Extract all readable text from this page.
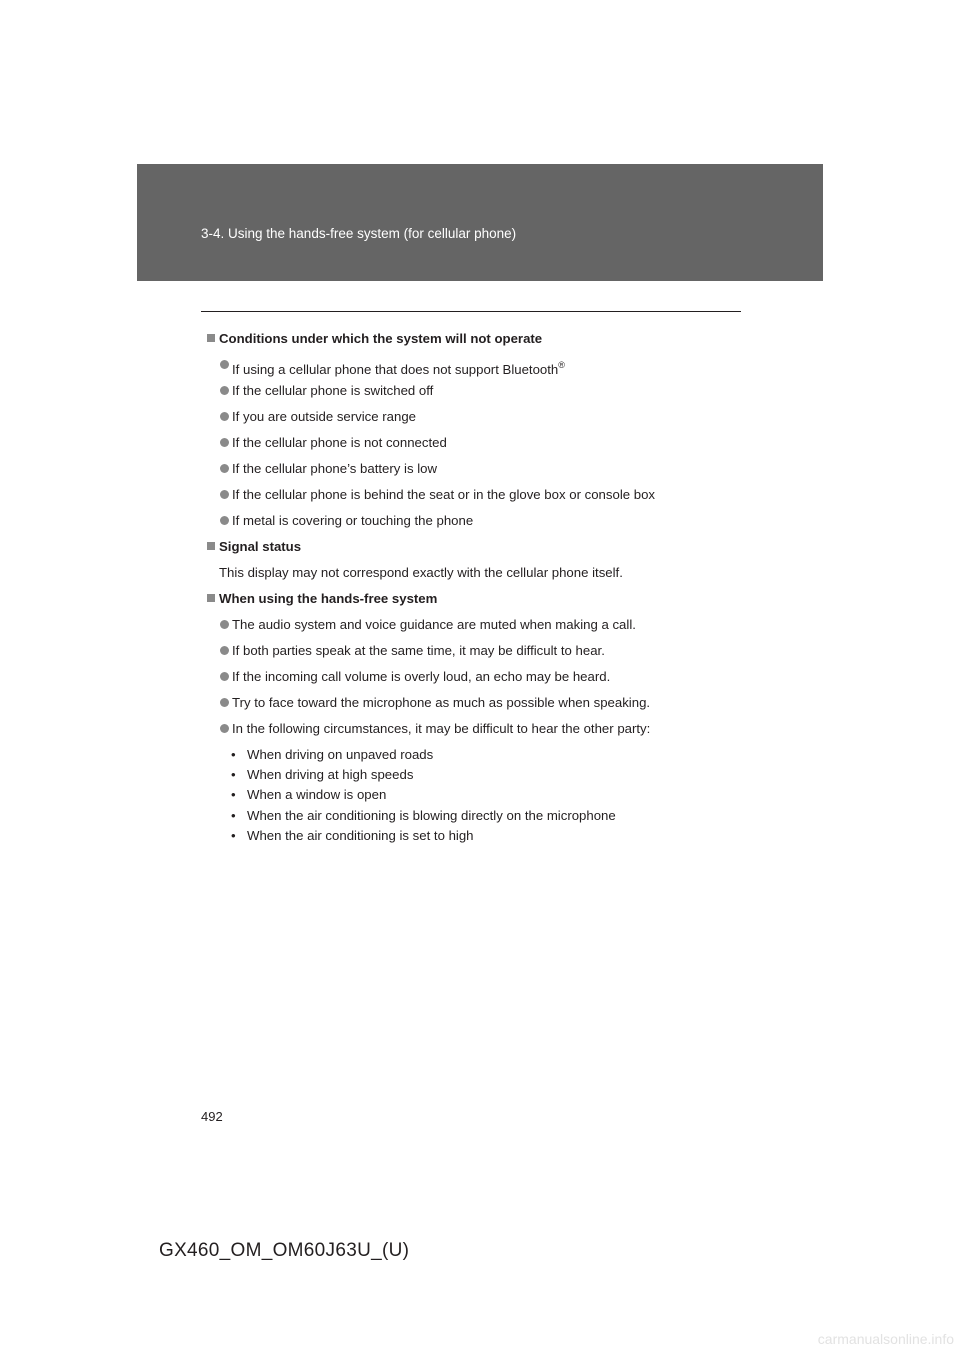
3-4. Using the hands-free system (for cellular phone)
Conditions under which the system will not operate
If using a cellular phone that does not support Bluetooth®
If the cellular phone is switched off
If you are outside service range
If the cellular phone is not connected
If the cellular phone’s battery is low
If the cellular phone is behind the seat or in the glove box or console box
If metal is covering or touching the phone
Signal status
This display may not correspond exactly with the cellular phone itself.
When using the hands-free system
The audio system and voice guidance are muted when making a call.
If both parties speak at the same time, it may be difficult to hear.
If the incoming call volume is overly loud, an echo may be heard.
Try to face toward the microphone as much as possible when speaking.
In the following circumstances, it may be difficult to hear the other party:
• When driving on unpaved roads
• When driving at high speeds
• When a window is open
• When the air conditioning is blowing directly on the microphone
• When the air conditioning is set to high
492
GX460_OM_OM60J63U_(U)
carmanualsonline.info
